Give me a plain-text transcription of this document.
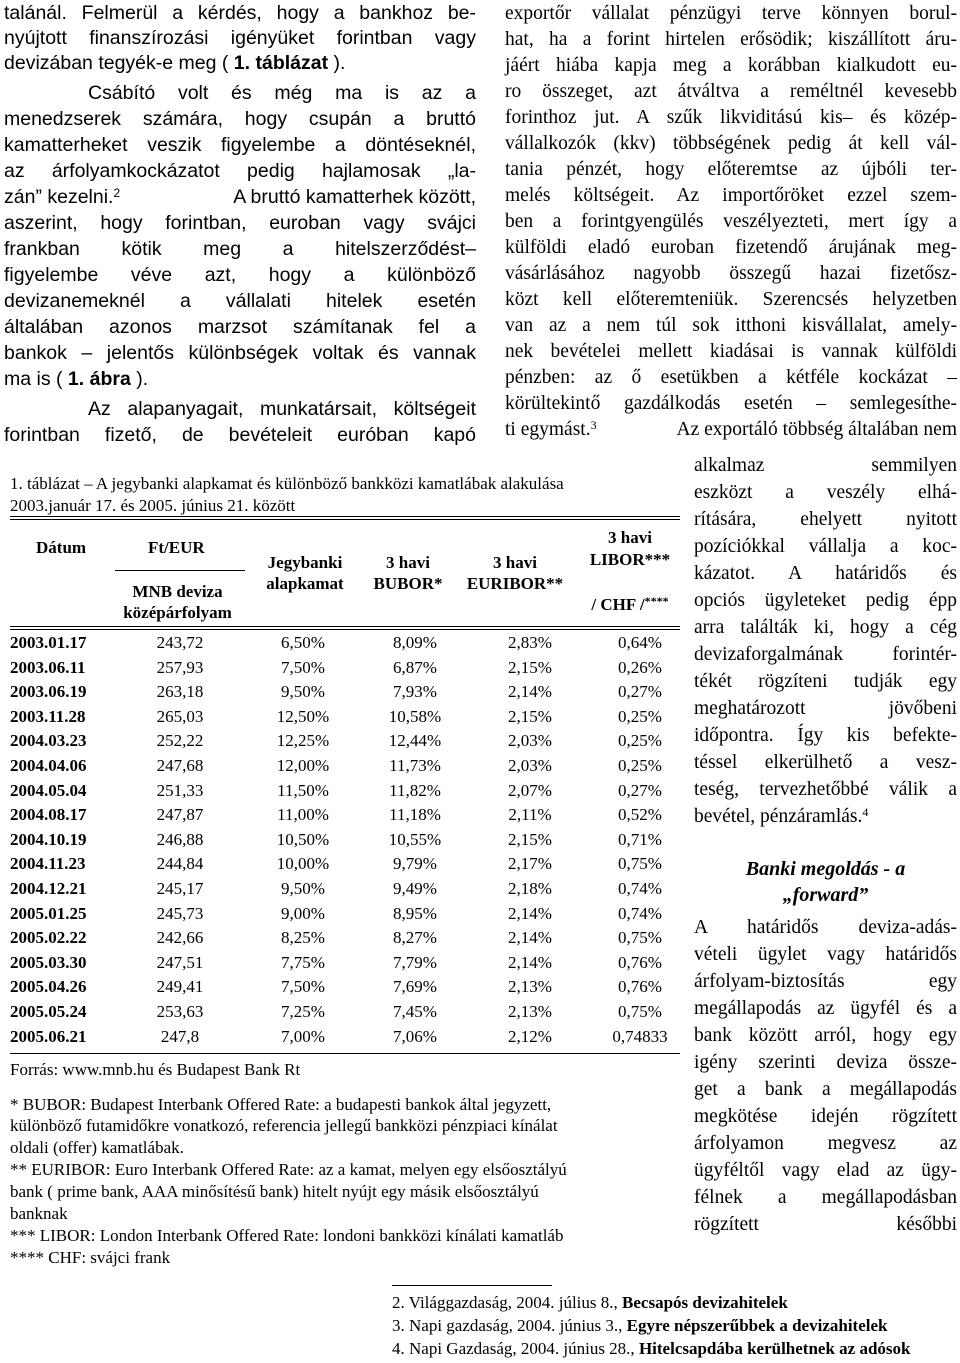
talánál. Felmerül a kérdés, hogy a bankhoz be-
nyújtott finanszírozási igényüket forintban vagy
devizában tegyék-e meg ( 1. táblázat ).
Csábító volt és még ma is az a
menedzserek számára, hogy csupán a bruttó
kamatterheket veszik figyelembe a döntéseknél,
az árfolyamkockázatot pedig hajlamosak „la-
zán” kezelni.$^2$	A bruttó kamatterhek között,
aszerint, hogy forintban, euroban vagy svájci
frankban kötik meg a hitelszerződést–
figyelembe véve azt, hogy a különböző
devizanemeknél a vállalati hitelek esetén
általában azonos marzsot számítanak fel a
bankok – jelentős különbségek voltak és vannak
ma is ( 1. ábra ).
Az alapanyagait, munkatársait, költségeit
forintban fizető, de bevételeit euróban kapó
exportőr vállalat pénzügyi terve könnyen borul-
hat, ha a forint hirtelen erősödik; kiszállított áru-
jáért hiába kapja meg a korábban kialkudott eu-
ro összeget, azt átváltva a reméltnél kevesebb
forinthoz jut. A szűk likviditású kis– és közép-
vállalkozók (kkv) többségének pedig át kell vál-
tania pénzét, hogy előteremtse az újbóli ter-
melés költségeit. Az importőröket ezzel szem-
ben a forintgyengülés veszélyezteti, mert így a
külföldi eladó euroban fizetendő árujának meg-
vásárlásához nagyobb összegű hazai fizetősz-
közt kell előteremteniük. Szerencsés helyzetben
van az a nem túl sok itthoni kisvállalat, amely-
nek bevételei mellett kiadásai is vannak külföldi
pénzben: az ő esetükben a kétféle kockázat –
körültekintő gazdálkodás esetén – semlegesíthe-
ti egymást.$^3$	Az exportáló többség általában nem
alkalmaz semmilyen
eszközt a veszély elhá-
rítására, ehelyett nyitott
pozíciókkal vállalja a koc-
kázatot. A határidős és
opciós ügyleteket pedig épp
arra találták ki, hogy a cég
devizaforgalmának forintér-
tékét rögzíteni tudják egy
meghatározott jövőbeni
időpontra. Így kis befekte-
téssel elkerülhető a vesz-
teség, tervezhetőbbé válik a
bevétel, pénzáramlás.$^4$
Banki megoldás - a
„forward”
A határidős deviza-adás-
vételi ügylet vagy határidős
árfolyam-biztosítás egy
megállapodás az ügyfél és a
bank között arról, hogy egy
igény szerinti deviza össze-
get a bank a megállapodás
megkötése idején rögzített
árfolyamon megvesz az
ügyféltől vagy elad az ügy-
félnek a megállapodásban
rögzített későbbi
1. táblázat – A jegybanki alapkamat és különböző bankközi kamatlábak alakulása
2003.január 17. és 2005. június 21. között
Dátum	Ft/EUR
MNB deviza
középárfolyam
Jegybanki
alapkamat
3 havi
BUBOR*
3 havi
EURIBOR**
3 havi
LIBOR***
/ CHF /****
2003.01.17	243,72	6,50%	8,09%	2,83%	0,64%
2003.06.11	257,93	7,50%	6,87%	2,15%	0,26%
2003.06.19	263,18	9,50%	7,93%	2,14%	0,27%
2003.11.28	265,03	12,50%	10,58%	2,15%	0,25%
2004.03.23	252,22	12,25%	12,44%	2,03%	0,25%
2004.04.06	247,68	12,00%	11,73%	2,03%	0,25%
2004.05.04	251,33	11,50%	11,82%	2,07%	0,27%
2004.08.17	247,87	11,00%	11,18%	2,11%	0,52%
2004.10.19	246,88	10,50%	10,55%	2,15%	0,71%
2004.11.23	244,84	10,00%	9,79%	2,17%	0,75%
2004.12.21	245,17	9,50%	9,49%	2,18%	0,74%
2005.01.25	245,73	9,00%	8,95%	2,14%	0,74%
2005.02.22	242,66	8,25%	8,27%	2,14%	0,75%
2005.03.30	247,51	7,75%	7,79%	2,14%	0,76%
2005.04.26	249,41	7,50%	7,69%	2,13%	0,76%
2005.05.24	253,63	7,25%	7,45%	2,13%	0,75%
2005.06.21	247,8	7,00%	7,06%	2,12%	0,74833
Forrás: www.mnb.hu és Budapest Bank Rt
* BUBOR: Budapest Interbank Offered Rate: a budapesti bankok által jegyzett,
különböző futamidőkre vonatkozó, referencia jellegű bankközi pénzpiaci kínálat
oldali (offer) kamatlábak.
** EURIBOR: Euro Interbank Offered Rate: az a kamat, melyen egy elsőosztályú
bank ( prime bank, AAA minősítésű bank) hitelt nyújt egy másik elsőosztályú
banknak
*** LIBOR: London Interbank Offered Rate: londoni bankközi kínálati kamatláb
**** CHF: svájci frank
2. Világgazdaság, 2004. július 8., Becsapós devizahitelek
3. Napi gazdaság, 2004. június 3., Egyre népszerűbbek a devizahitelek
4. Napi Gazdaság, 2004. június 28., Hitelcsapdába kerülhetnek az adósok
